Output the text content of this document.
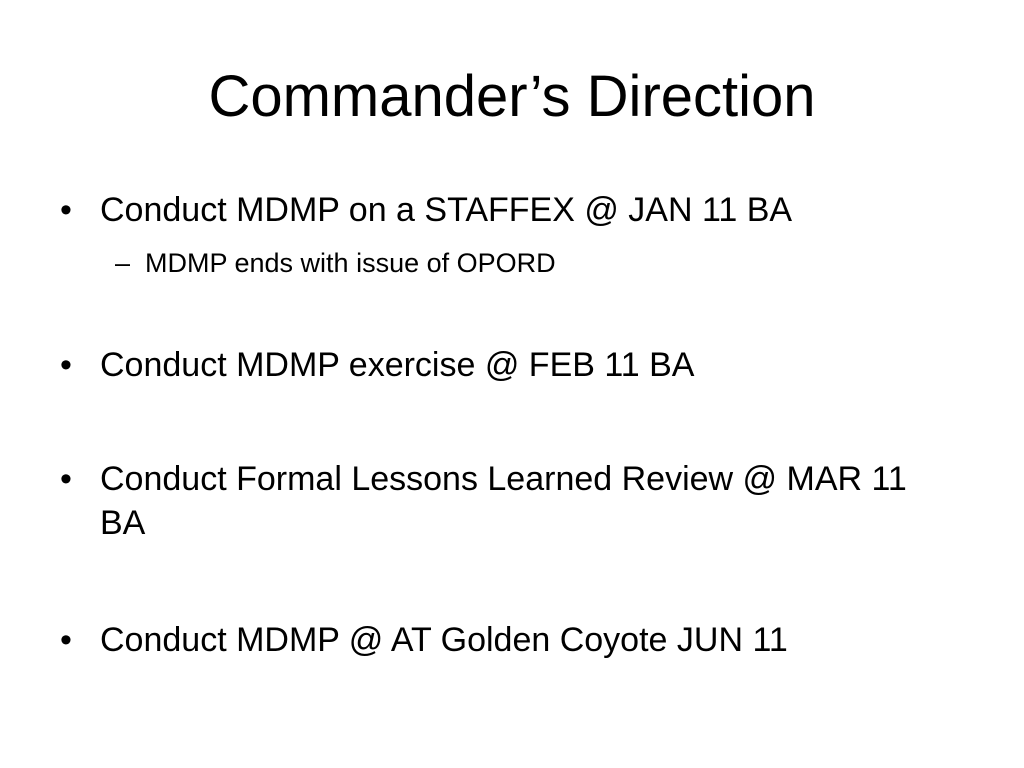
Commander’s Direction
• Conduct MDMP on a STAFFEX @ JAN 11 BA
– MDMP ends with issue of OPORD
• Conduct MDMP exercise @ FEB 11 BA
• Conduct Formal Lessons Learned Review @ MAR 11 BA
• Conduct MDMP @ AT Golden Coyote JUN 11
